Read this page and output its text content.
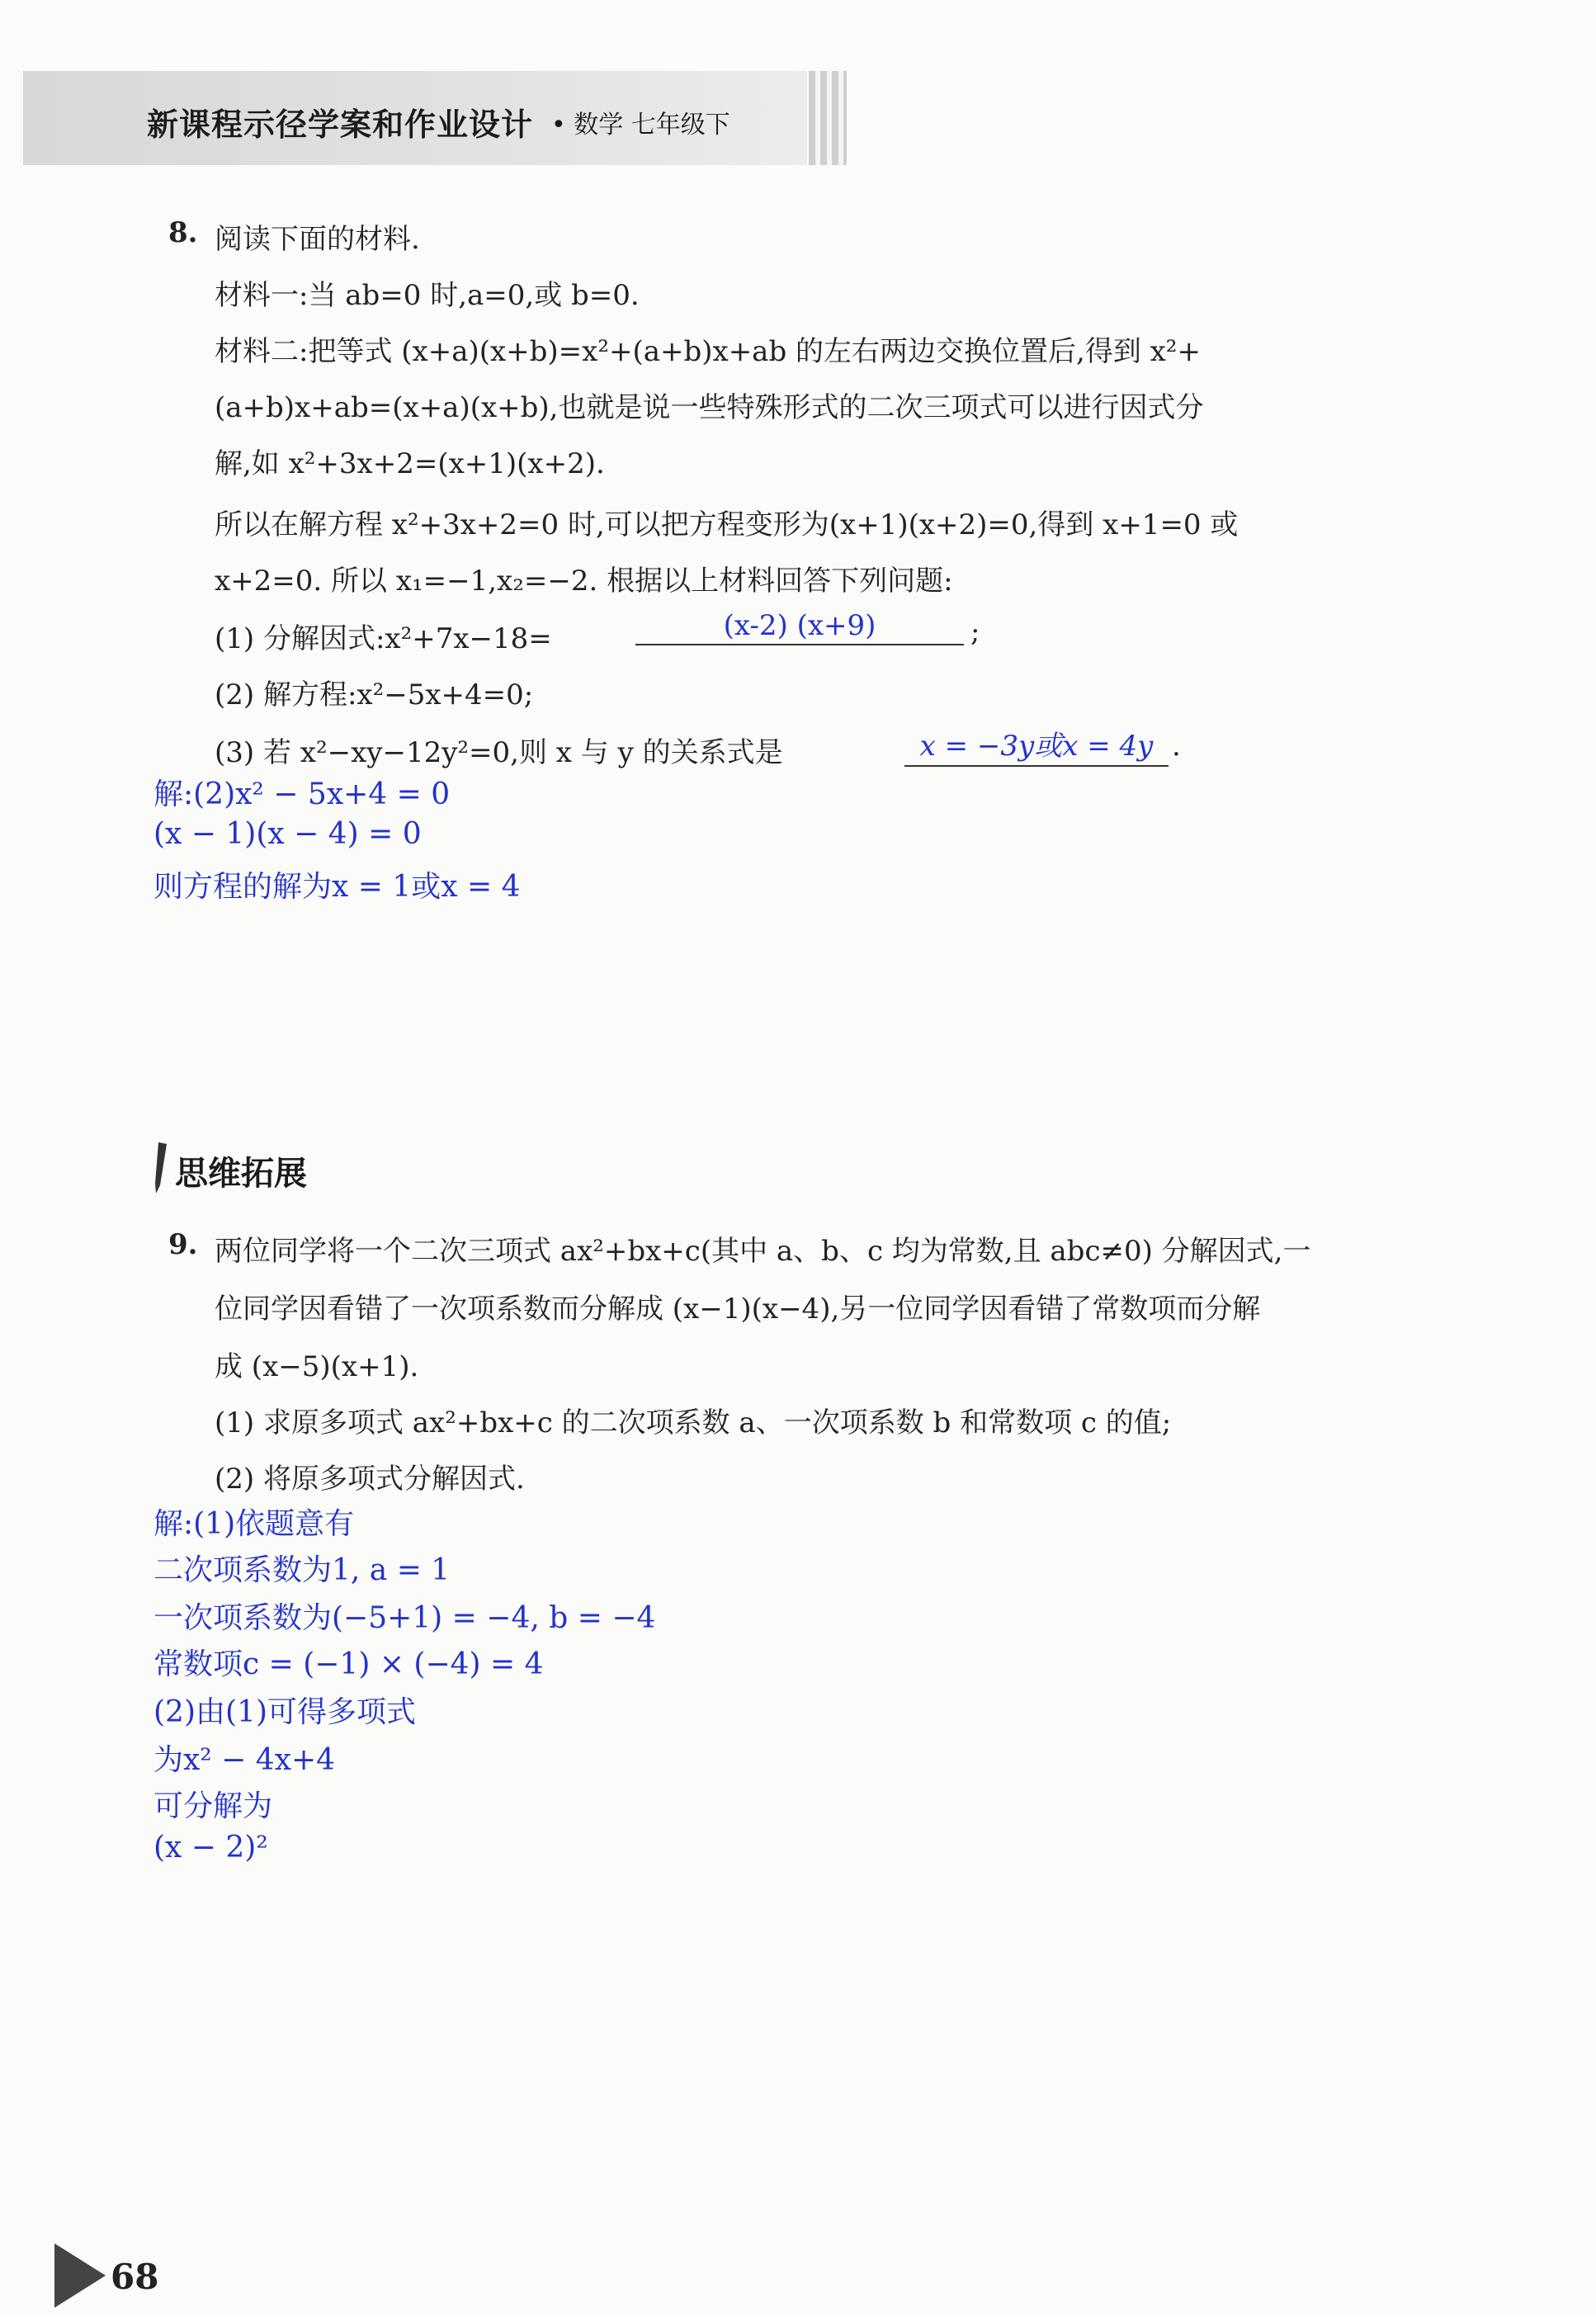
新课程示径学案和作业设计 • 数学 七年级下
8. 阅读下面的材料.
材料一:当 ab=0 时,a=0,或 b=0.
材料二:把等式 (x+a)(x+b)=x²+(a+b)x+ab 的左右两边交换位置后,得到 x²+
(a+b)x+ab=(x+a)(x+b),也就是说一些特殊形式的二次三项式可以进行因式分
解,如 x²+3x+2=(x+1)(x+2).
所以在解方程 x²+3x+2=0 时,可以把方程变形为(x+1)(x+2)=0,得到 x+1=0 或
x+2=0. 所以 x₁=−1,x₂=−2. 根据以上材料回答下列问题:
(1) 分解因式:x²+7x−18=	(x-2) (x+9)	;
(2) 解方程:x²−5x+4=0;
(3) 若 x²−xy−12y²=0,则 x 与 y 的关系式是	x = −3y或x = 4y .
解:(2)x² − 5x+4 = 0
(x − 1)(x − 4) = 0
则方程的解为x = 1或x = 4
思维拓展
9. 两位同学将一个二次三项式 ax²+bx+c(其中 a、b、c 均为常数,且 abc≠0) 分解因式,一
位同学因看错了一次项系数而分解成 (x−1)(x−4),另一位同学因看错了常数项而分解
成 (x−5)(x+1).
(1) 求原多项式 ax²+bx+c 的二次项系数 a、一次项系数 b 和常数项 c 的值;
(2) 将原多项式分解因式.
解:(1)依题意有
二次项系数为1, a = 1
一次项系数为(−5+1) = −4, b = −4
常数项c = (−1) × (−4) = 4
(2)由(1)可得多项式
为x² − 4x+4
可分解为
(x − 2)²
68
